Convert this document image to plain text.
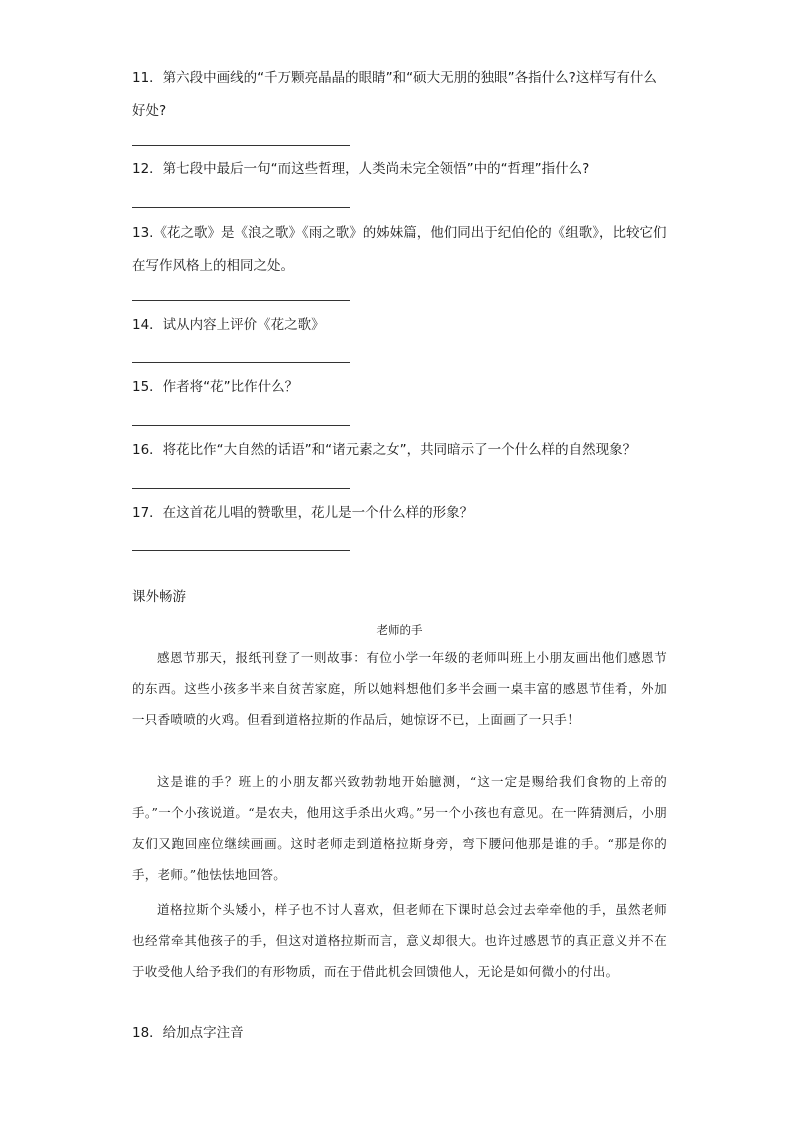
11．第六段中画线的“千万颗亮晶晶的眼睛”和“硕大无朋的独眼”各指什么?这样写有什么好处?

12．第七段中最后一句“而这些哲理，人类尚未完全领悟”中的“哲理”指什么?

13.《花之歌》是《浪之歌》《雨之歌》的姊妹篇，他们同出于纪伯伦的《组歌》，比较它们在写作风格上的相同之处。

14．试从内容上评价《花之歌》

15．作者将“花”比作什么？

16．将花比作“大自然的话语”和“诸元素之女”，共同暗示了一个什么样的自然现象？

17．在这首花儿唱的赞歌里，花儿是一个什么样的形象？

课外畅游

老师的手

感恩节那天，报纸刊登了一则故事：有位小学一年级的老师叫班上小朋友画出他们感恩节的东西。这些小孩多半来自贫苦家庭，所以她料想他们多半会画一桌丰富的感恩节佳肴，外加一只香喷喷的火鸡。但看到道格拉斯的作品后，她惊讶不已，上面画了一只手！

这是谁的手？班上的小朋友都兴致勃勃地开始臆测，“这一定是赐给我们食物的上帝的手。”一个小孩说道。“是农夫，他用这手杀出火鸡。”另一个小孩也有意见。在一阵猜测后，小朋友们又跑回座位继续画画。这时老师走到道格拉斯身旁，弯下腰问他那是谁的手。“那是你的手，老师。”他怯怯地回答。

道格拉斯个头矮小，样子也不讨人喜欢，但老师在下课时总会过去牵牵他的手，虽然老师也经常牵其他孩子的手，但这对道格拉斯而言，意义却很大。也许过感恩节的真正意义并不在于收受他人给予我们的有形物质，而在于借此机会回馈他人，无论是如何微小的付出。

18．给加点字注音
